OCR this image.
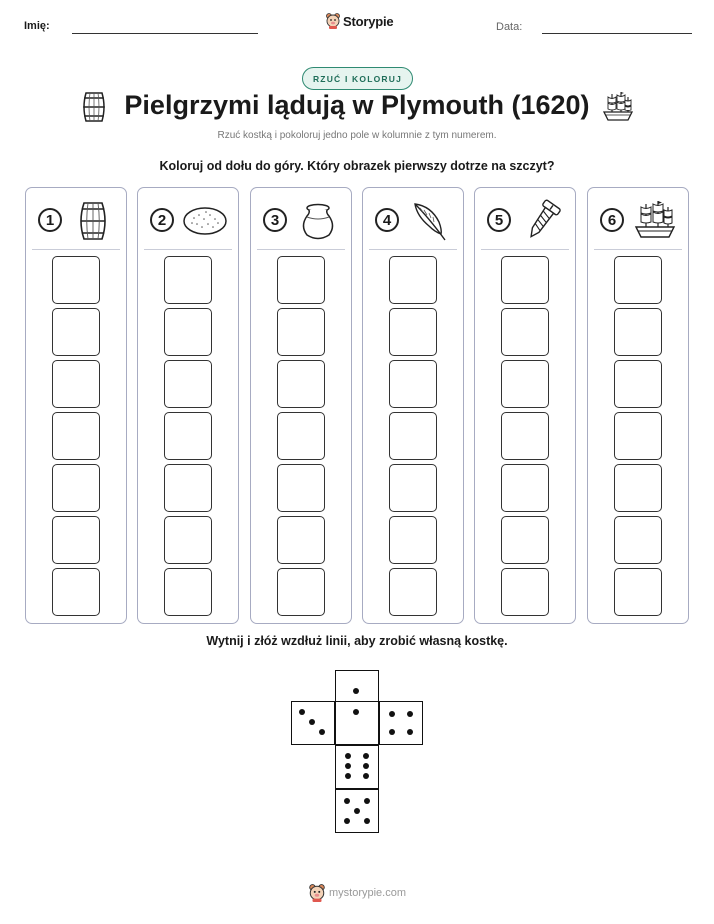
Imię:	Storypie	Data:
RZUĆ I KOLORUJ
Pielgrzymi lądują w Plymouth (1620)
Rzuć kostką i pokoloruj jedno pole w kolumnie z tym numerem.
Koloruj od dołu do góry. Który obrazek pierwszy dotrze na szczyt?
1	2	3	4	5	6
Wytnij i złóż wzdłuż linii, aby zrobić własną kostkę.
mystorypie.com
